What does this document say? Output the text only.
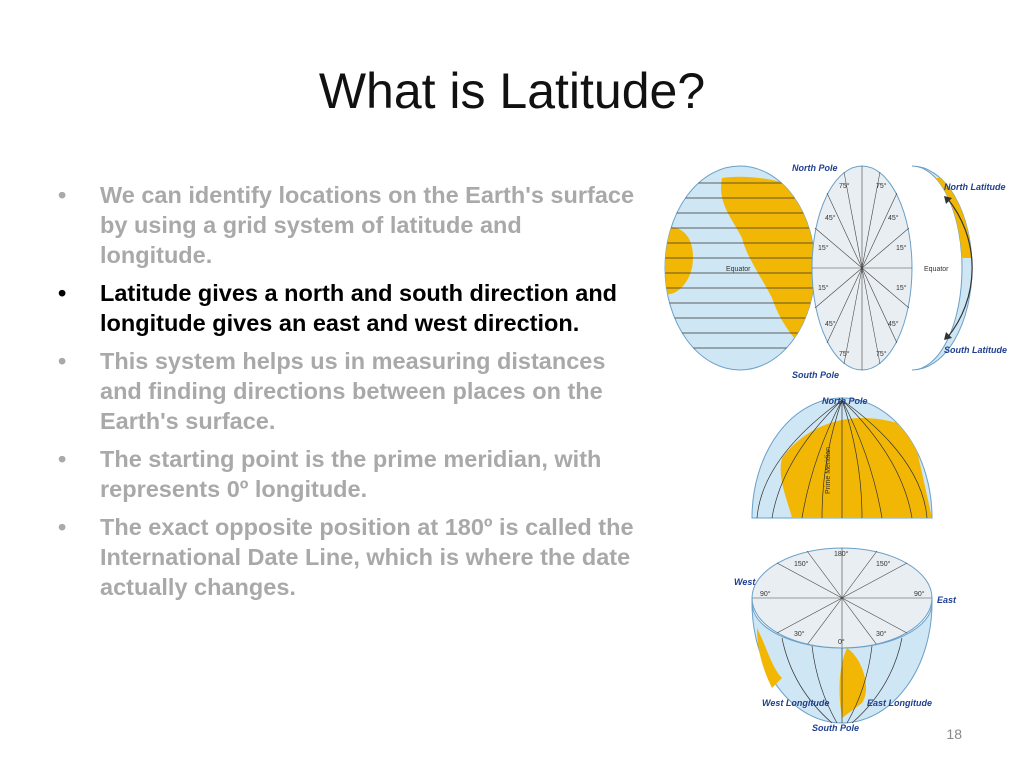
What is Latitude?
•	We can identify locations on the Earth's surface by using a grid system of latitude and longitude.
•	Latitude gives a north and south direction and longitude gives an east and west direction.
•	This system helps us in measuring distances and finding directions between places on the Earth's surface.
•	The starting point is the prime meridian, with represents 0º longitude.
•	The exact opposite position at 180º is called the International Date Line, which is where the date actually changes.
Equator
75°	75°
45°	45°
15°	15°
15°	15°
45°	45°
75°	75°
Equator
North Pole
South Pole
North Latitude
South Latitude
North Pole
180°
150°	150°
90°	90°
30°	30°
0°
South Pole
West
East
West Longitude	East Longitude
Prime Meridian
18
